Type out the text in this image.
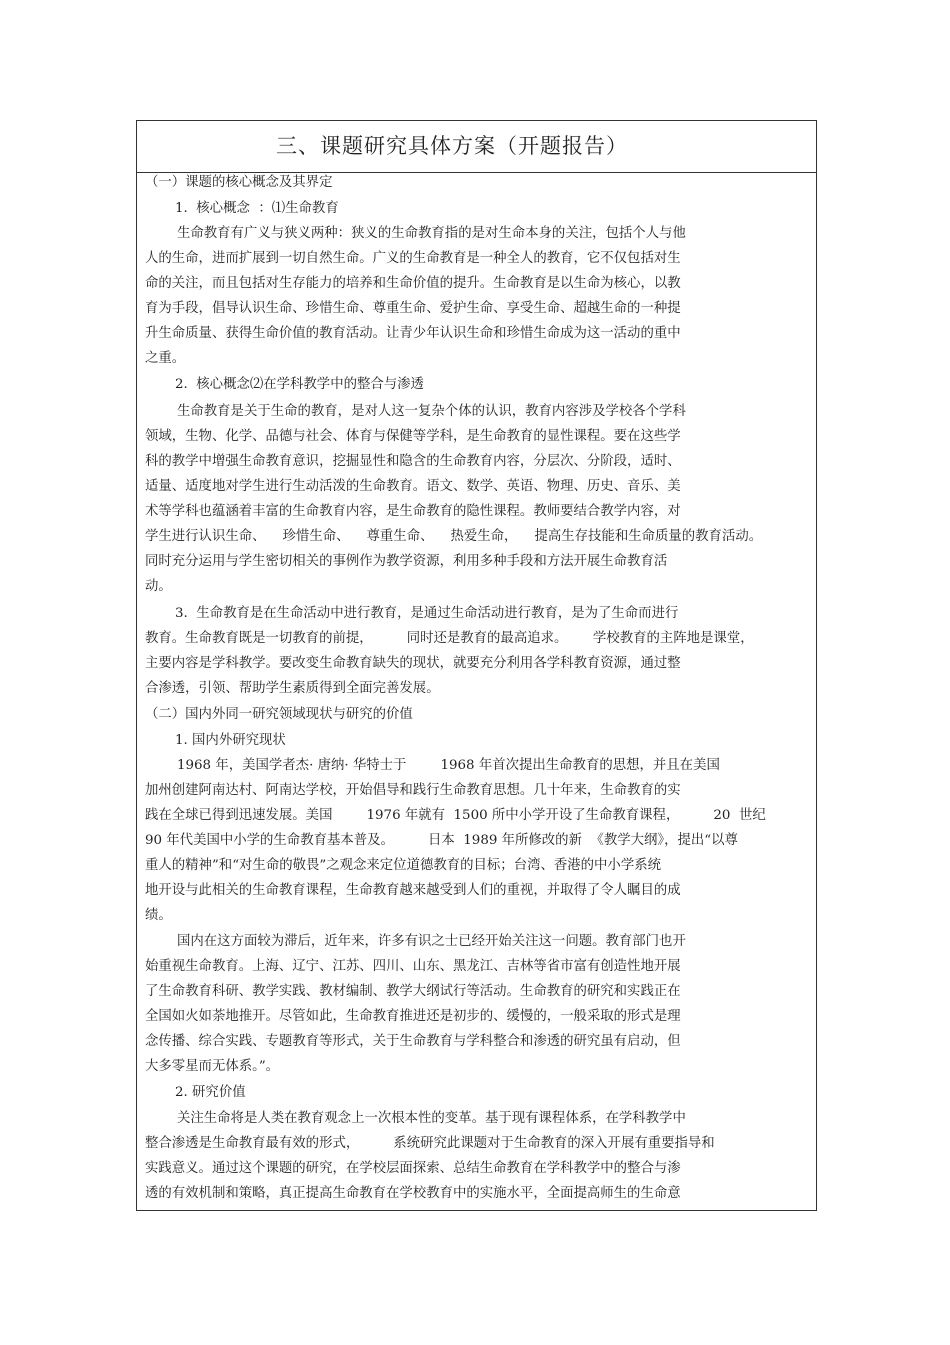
三、课题研究具体方案（开题报告）
（一）课题的核心概念及其界定
1.  核心概念  ：⑴生命教育
生命教育有广义与狭义两种：狭义的生命教育指的是对生命本身的关注，包括个人与他
人的生命，进而扩展到一切自然生命。广义的生命教育是一种全人的教育，它不仅包括对生
命的关注，而且包括对生存能力的培养和生命价值的提升。生命教育是以生命为核心，以教
育为手段，倡导认识生命、珍惜生命、尊重生命、爱护生命、享受生命、超越生命的一种提
升生命质量、获得生命价值的教育活动。让青少年认识生命和珍惜生命成为这一活动的重中
之重。
2.  核心概念⑵在学科教学中的整合与渗透
生命教育是关于生命的教育，是对人这一复杂个体的认识，教育内容涉及学校各个学科
领域，生物、化学、品德与社会、体育与保健等学科，是生命教育的显性课程。要在这些学
科的教学中增强生命教育意识，挖掘显性和隐含的生命教育内容，分层次、分阶段，适时、
适量、适度地对学生进行生动活泼的生命教育。语文、数学、英语、物理、历史、音乐、美
术等学科也蕴涵着丰富的生命教育内容，是生命教育的隐性课程。教师要结合教学内容，对
学生进行认识生命、    珍惜生命、    尊重生命、    热爱生命，    提高生存技能和生命质量的教育活动。
同时充分运用与学生密切相关的事例作为教学资源，利用多种手段和方法开展生命教育活
动。
3.  生命教育是在生命活动中进行教育，是通过生命活动进行教育，是为了生命而进行
教育。生命教育既是一切教育的前提，        同时还是教育的最高追求。      学校教育的主阵地是课堂，
主要内容是学科教学。要改变生命教育缺失的现状，就要充分利用各学科教育资源，通过整
合渗透，引领、帮助学生素质得到全面完善发展。
（二）国内外同一研究领域现状与研究的价值
1. 国内外研究现状
1968 年，美国学者杰· 唐纳· 华特士于        1968 年首次提出生命教育的思想，并且在美国
加州创建阿南达村、阿南达学校，开始倡导和践行生命教育思想。几十年来，生命教育的实
践在全球已得到迅速发展。美国        1976 年就有  1500 所中小学开设了生命教育课程，        20  世纪
90 年代美国中小学的生命教育基本普及。        日本  1989 年所修改的新  《教学大纲》，提出“以尊
重人的精神”和“对生命的敬畏”之观念来定位道德教育的目标；台湾、香港的中小学系统
地开设与此相关的生命教育课程，生命教育越来越受到人们的重视，并取得了令人瞩目的成
绩。
国内在这方面较为滞后，近年来，许多有识之士已经开始关注这一问题。教育部门也开
始重视生命教育。上海、辽宁、江苏、四川、山东、黑龙江、吉林等省市富有创造性地开展
了生命教育科研、教学实践、教材编制、教学大纲试行等活动。生命教育的研究和实践正在
全国如火如荼地推开。尽管如此，生命教育推进还是初步的、缓慢的，一般采取的形式是理
念传播、综合实践、专题教育等形式，关于生命教育与学科整合和渗透的研究虽有启动，但
大多零星而无体系。”。
2. 研究价值
关注生命将是人类在教育观念上一次根本性的变革。基于现有课程体系，在学科教学中
整合渗透是生命教育最有效的形式，        系统研究此课题对于生命教育的深入开展有重要指导和
实践意义。通过这个课题的研究，在学校层面探索、总结生命教育在学科教学中的整合与渗
透的有效机制和策略，真正提高生命教育在学校教育中的实施水平，全面提高师生的生命意
